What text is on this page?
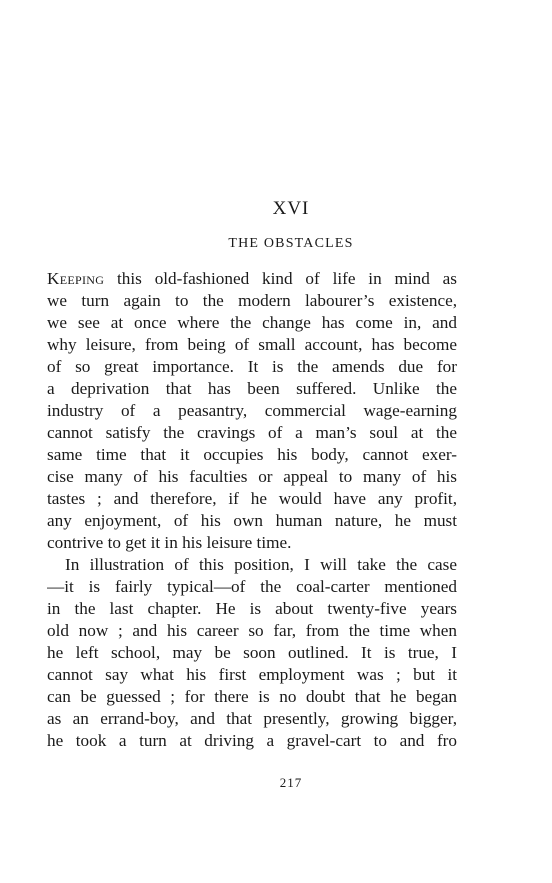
XVI
THE OBSTACLES
Keeping this old-fashioned kind of life in mind as
we turn again to the modern labourer’s existence,
we see at once where the change has come in, and
why leisure, from being of small account, has become
of so great importance. It is the amends due for
a deprivation that has been suffered. Unlike the
industry of a peasantry, commercial wage-earning
cannot satisfy the cravings of a man’s soul at the
same time that it occupies his body, cannot exer-
cise many of his faculties or appeal to many of his
tastes ; and therefore, if he would have any profit,
any enjoyment, of his own human nature, he must
contrive to get it in his leisure time.
In illustration of this position, I will take the case
—it is fairly typical—of the coal-carter mentioned
in the last chapter. He is about twenty-five years
old now ; and his career so far, from the time when
he left school, may be soon outlined. It is true, I
cannot say what his first employment was ; but it
can be guessed ; for there is no doubt that he began
as an errand-boy, and that presently, growing bigger,
he took a turn at driving a gravel-cart to and fro
217
